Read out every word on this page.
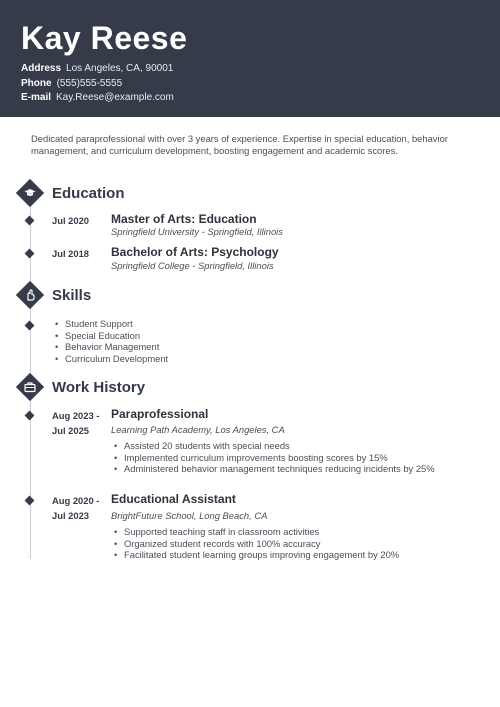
Kay Reese
Address Los Angeles, CA, 90001
Phone (555)555-5555
E-mail Kay.Reese@example.com

Dedicated paraprofessional with over 3 years of experience. Expertise in special education, behavior management, and curriculum development, boosting engagement and academic scores.

Education
Jul 2020 Master of Arts: Education
Springfield University - Springfield, Illinois
Jul 2018 Bachelor of Arts: Psychology
Springfield College - Springfield, Illinois
Skills
• Student Support
• Special Education
• Behavior Management
• Curriculum Development
Work History
Aug 2023 -
Jul 2025
Paraprofessional
Learning Path Academy, Los Angeles, CA
• Assisted 20 students with special needs
• Implemented curriculum improvements boosting scores by 15%
• Administered behavior management techniques reducing incidents by 25%
Aug 2020 -
Jul 2023
Educational Assistant
BrightFuture School, Long Beach, CA
• Supported teaching staff in classroom activities
• Organized student records with 100% accuracy
• Facilitated student learning groups improving engagement by 20%
